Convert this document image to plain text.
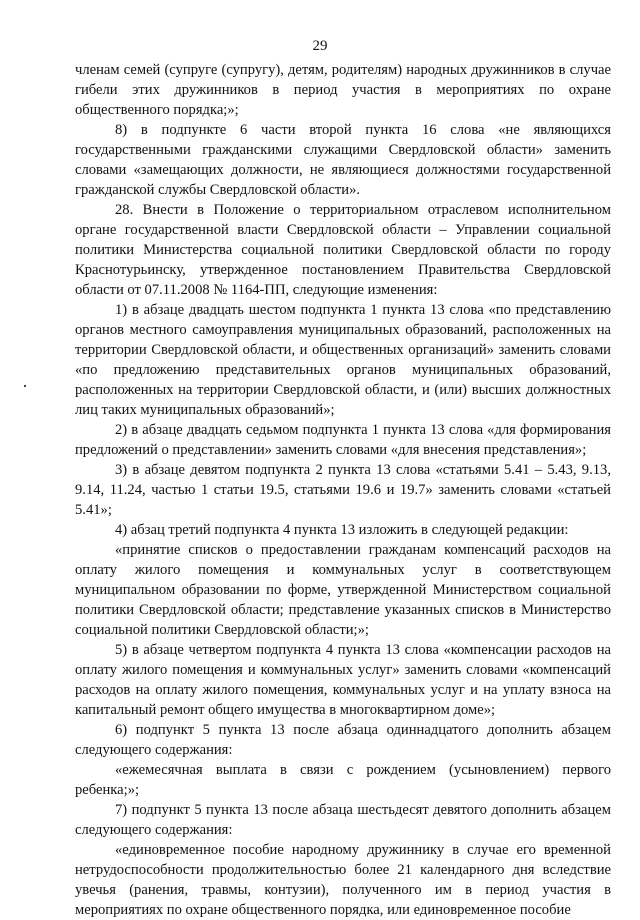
29

членам семей (супруге (супругу), детям, родителям) народных дружинников в случае гибели этих дружинников в период участия в мероприятиях по охране общественного порядка;»;

8) в подпункте 6 части второй пункта 16 слова «не являющихся государственными гражданскими служащими Свердловской области» заменить словами «замещающих должности, не являющиеся должностями государственной гражданской службы Свердловской области».

28. Внести в Положение о территориальном отраслевом исполнительном органе государственной власти Свердловской области – Управлении социальной политики Министерства социальной политики Свердловской области по городу Краснотурьинску, утвержденное постановлением Правительства Свердловской области от 07.11.2008 № 1164-ПП, следующие изменения:

1) в абзаце двадцать шестом подпункта 1 пункта 13 слова «по представлению органов местного самоуправления муниципальных образований, расположенных на территории Свердловской области, и общественных организаций» заменить словами «по предложению представительных органов муниципальных образований, расположенных на территории Свердловской области, и (или) высших должностных лиц таких муниципальных образований»;

2) в абзаце двадцать седьмом подпункта 1 пункта 13 слова «для формирования предложений о представлении» заменить словами «для внесения представления»;

3) в абзаце девятом подпункта 2 пункта 13 слова «статьями 5.41 – 5.43, 9.13, 9.14, 11.24, частью 1 статьи 19.5, статьями 19.6 и 19.7» заменить словами «статьей 5.41»;

4) абзац третий подпункта 4 пункта 13 изложить в следующей редакции:

«принятие списков о предоставлении гражданам компенсаций расходов на оплату жилого помещения и коммунальных услуг в соответствующем муниципальном образовании по форме, утвержденной Министерством социальной политики Свердловской области; представление указанных списков в Министерство социальной политики Свердловской области;»;

5) в абзаце четвертом подпункта 4 пункта 13 слова «компенсации расходов на оплату жилого помещения и коммунальных услуг» заменить словами «компенсаций расходов на оплату жилого помещения, коммунальных услуг и на уплату взноса на капитальный ремонт общего имущества в многоквартирном доме»;

6) подпункт 5 пункта 13 после абзаца одиннадцатого дополнить абзацем следующего содержания:

«ежемесячная выплата в связи с рождением (усыновлением) первого ребенка;»;

7) подпункт 5 пункта 13 после абзаца шестьдесят девятого дополнить абзацем следующего содержания:

«единовременное пособие народному дружиннику в случае его временной нетрудоспособности продолжительностью более 21 календарного дня вследствие увечья (ранения, травмы, контузии), полученного им в период участия в мероприятиях по охране общественного порядка, или единовременное пособие
